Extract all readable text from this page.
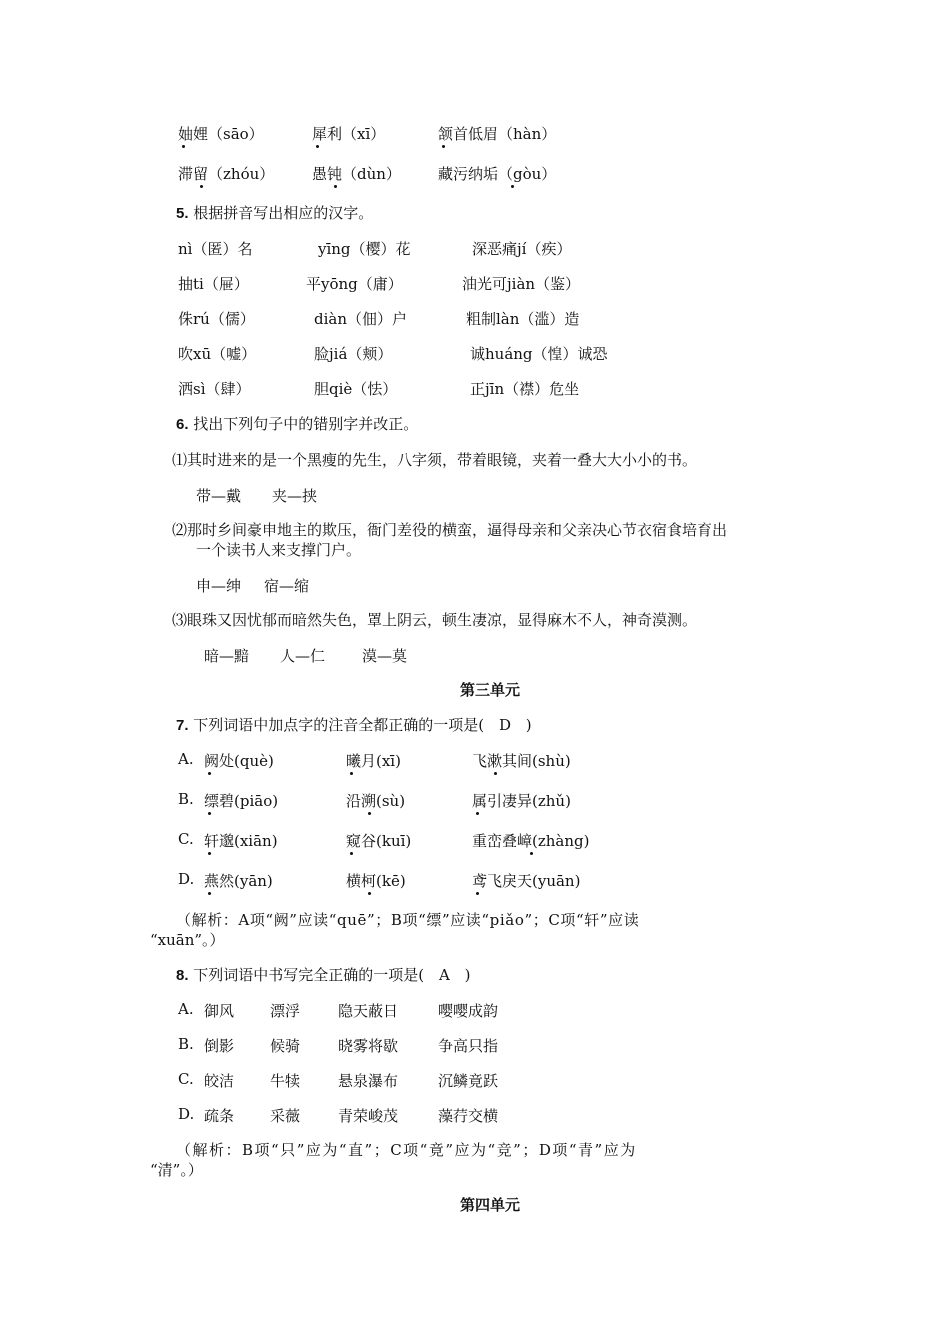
妯娌（sāo）	犀利（xī）	颔首低眉（hàn）
滞留（zhóu）	愚钝（dùn） 藏污纳垢（gòu）
5. 根据拼音写出相应的汉字。
nì（匿）名	yīng（樱）花	深恶痛jí（疾）
抽ti（屉）	平yōng（庸）	油光可jiàn（鉴）
侏rú（儒）	diàn（佃）户	粗制làn（滥）造
吹xū（嘘）	脸jiá（颊）	诚huáng（惶）诚恐
洒sì（肆）	胆qiè（怯）	正jīn（襟）危坐
6. 找出下列句子中的错别字并改正。
⑴其时进来的是一个黑瘦的先生，八字须，带着眼镜，夹着一叠大大小小的书。
带—戴 夹—挟
⑵那时乡间豪申地主的欺压，衙门差役的横蛮，逼得母亲和父亲决心节衣宿食培育出
一个读书人来支撑门户。
申—绅 宿—缩
⑶眼珠又因忧郁而暗然失色，罩上阴云，顿生凄凉，显得麻木不人，神奇漠测。
暗—黯 人—仁 漠—莫
第三单元
7. 下列词语中加点字的注音全都正确的一项是( D )
A. 阙处(què)	曦月(xī)	飞漱其间(shù)
B. 缥碧(piāo)	沿溯(sù)	属引凄异(zhǔ)
C. 轩邈(xiān)	窥谷(kuī)	重峦叠嶂(zhàng)
D. 燕然(yān)	横柯(kē)	鸢飞戾天(yuān)
（解析：A项“阙”应读“quē”；B项“缥”应读“piǎo”；C项“轩”应读
“xuān”。）
8. 下列词语中书写完全正确的一项是( A )
A. 御风 漂浮	隐天蔽日	嘤嘤成韵
B. 倒影 候骑	晓雾将歇	争高只指
C. 皎洁 牛犊	悬泉瀑布	沉鳞竟跃
D. 疏条 采薇	青荣峻茂	藻荇交横
（解析：B项“只”应为“直”；C项“竟”应为“竞”；D项“青”应为
“清”。）
第四单元
